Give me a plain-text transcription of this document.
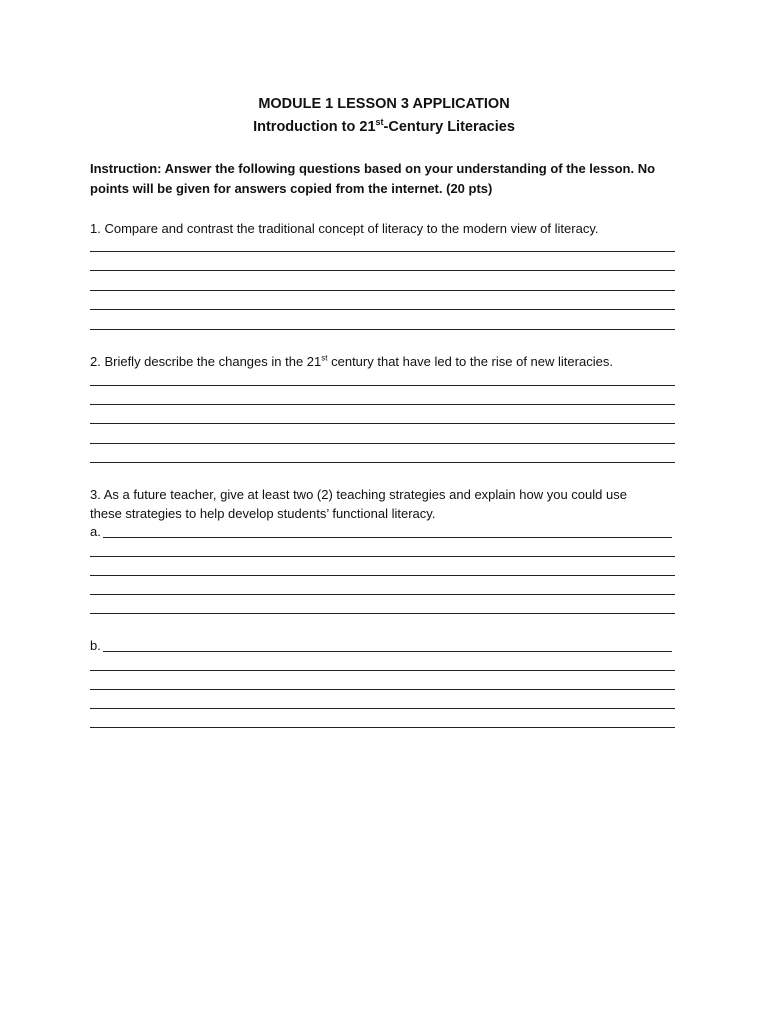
MODULE 1 LESSON 3 APPLICATION
Introduction to 21st-Century Literacies
Instruction: Answer the following questions based on your understanding of the lesson. No
points will be given for answers copied from the internet. (20 pts)
1. Compare and contrast the traditional concept of literacy to the modern view of literacy.
2. Briefly describe the changes in the 21st century that have led to the rise of new literacies.
3. As a future teacher, give at least two (2) teaching strategies and explain how you could use
these strategies to help develop students’ functional literacy.
a.
b.
